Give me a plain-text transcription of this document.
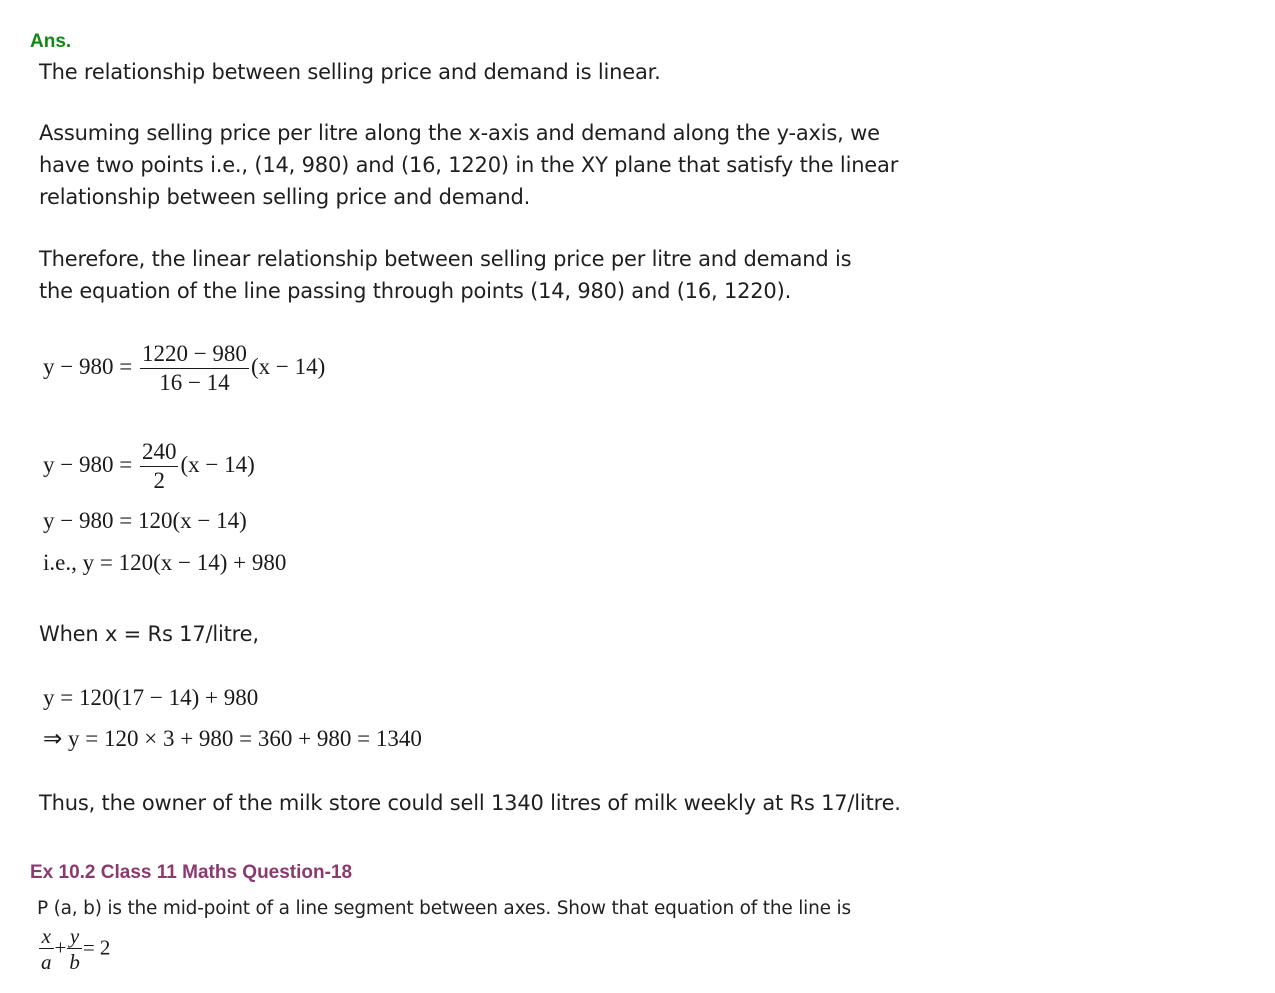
Ans.
The relationship between selling price and demand is linear.
Assuming selling price per litre along the x-axis and demand along the y-axis, we
have two points i.e., (14, 980) and (16, 1220) in the XY plane that satisfy the linear
relationship between selling price and demand.
Therefore, the linear relationship between selling price per litre and demand is
the equation of the line passing through points (14, 980) and (16, 1220).
$y - 980 = \frac{1220 - 980}{16 - 14} (x - 14)$
$y - 980 = \frac{240}{2} (x - 14)$
y − 980 = 120(x − 14)
i.e., y = 120(x − 14) + 980
When x = Rs 17/litre,
y = 120(17 − 14) + 980
⇒ y = 120 × 3 + 980 = 360 + 980 = 1340
Thus, the owner of the milk store could sell 1340 litres of milk weekly at Rs 17/litre.
Ex 10.2 Class 11 Maths Question-18
P (a, b) is the mid-point of a line segment between axes. Show that equation of the line is
$\frac{x}{a} + \frac{y}{b} = 2$
